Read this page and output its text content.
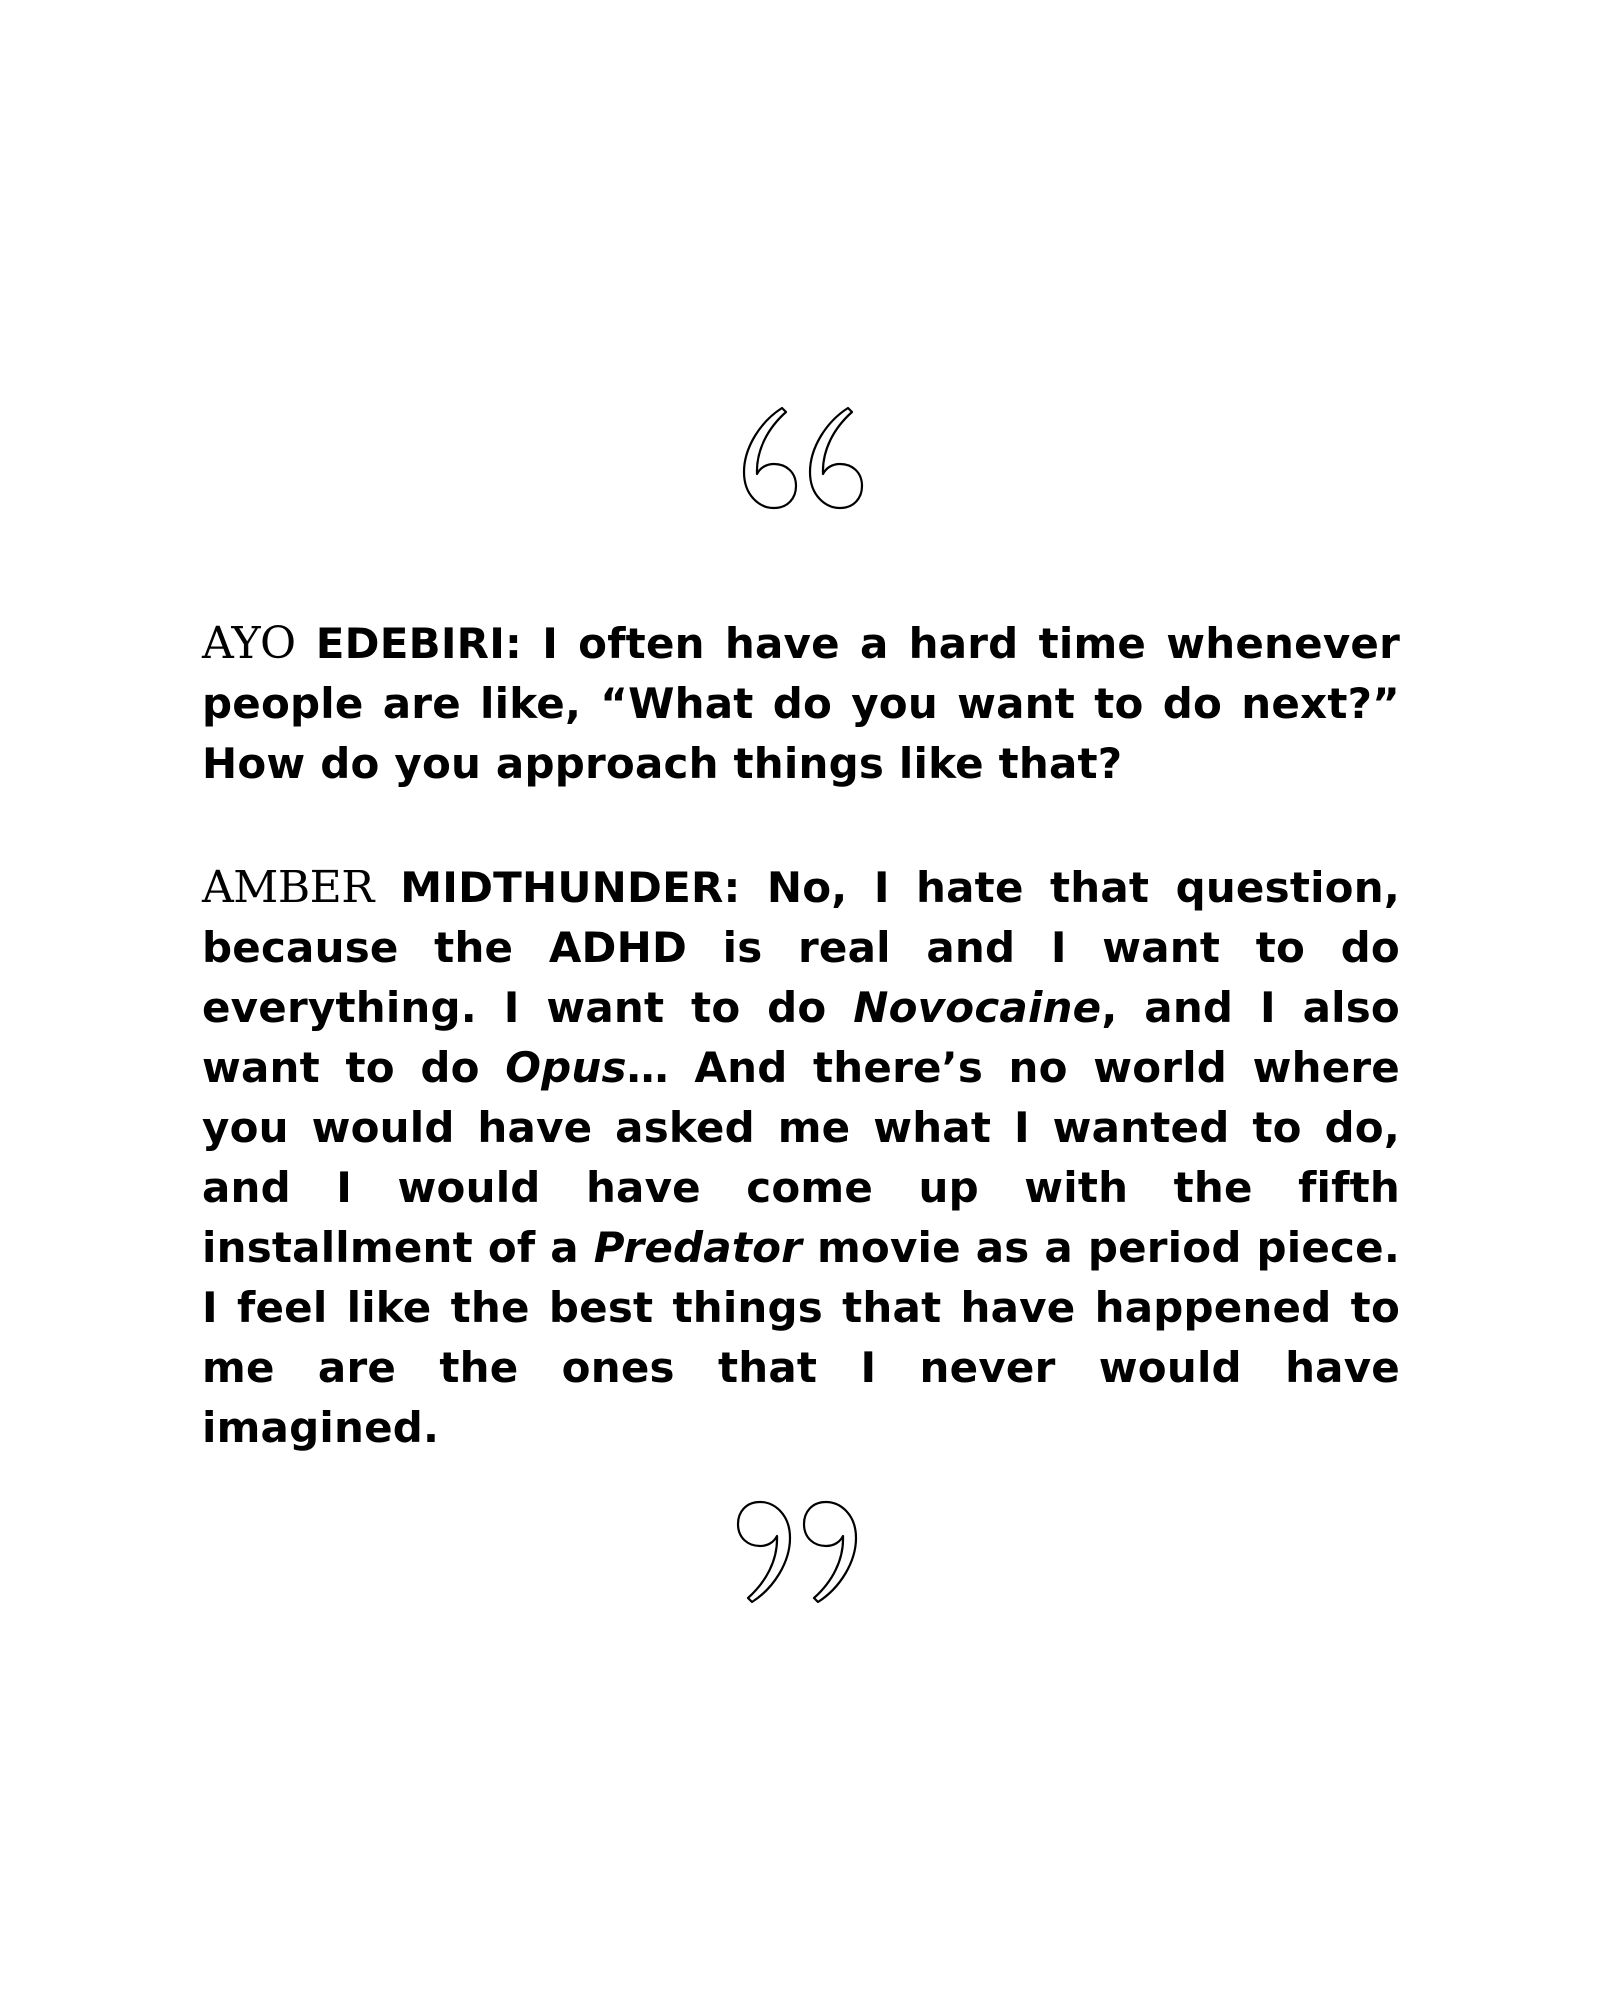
AYO EDEBIRI: I often have a hard time whenever people are like, “What do you want to do next?” How do you approach things like that?

AMBER MIDTHUNDER: No, I hate that question, because the ADHD is real and I want to do everything. I want to do Novocaine, and I also want to do Opus… And there’s no world where you would have asked me what I wanted to do, and I would have come up with the fifth installment of a Predator movie as a period piece. I feel like the best things that have happened to me are the ones that I never would have imagined.
